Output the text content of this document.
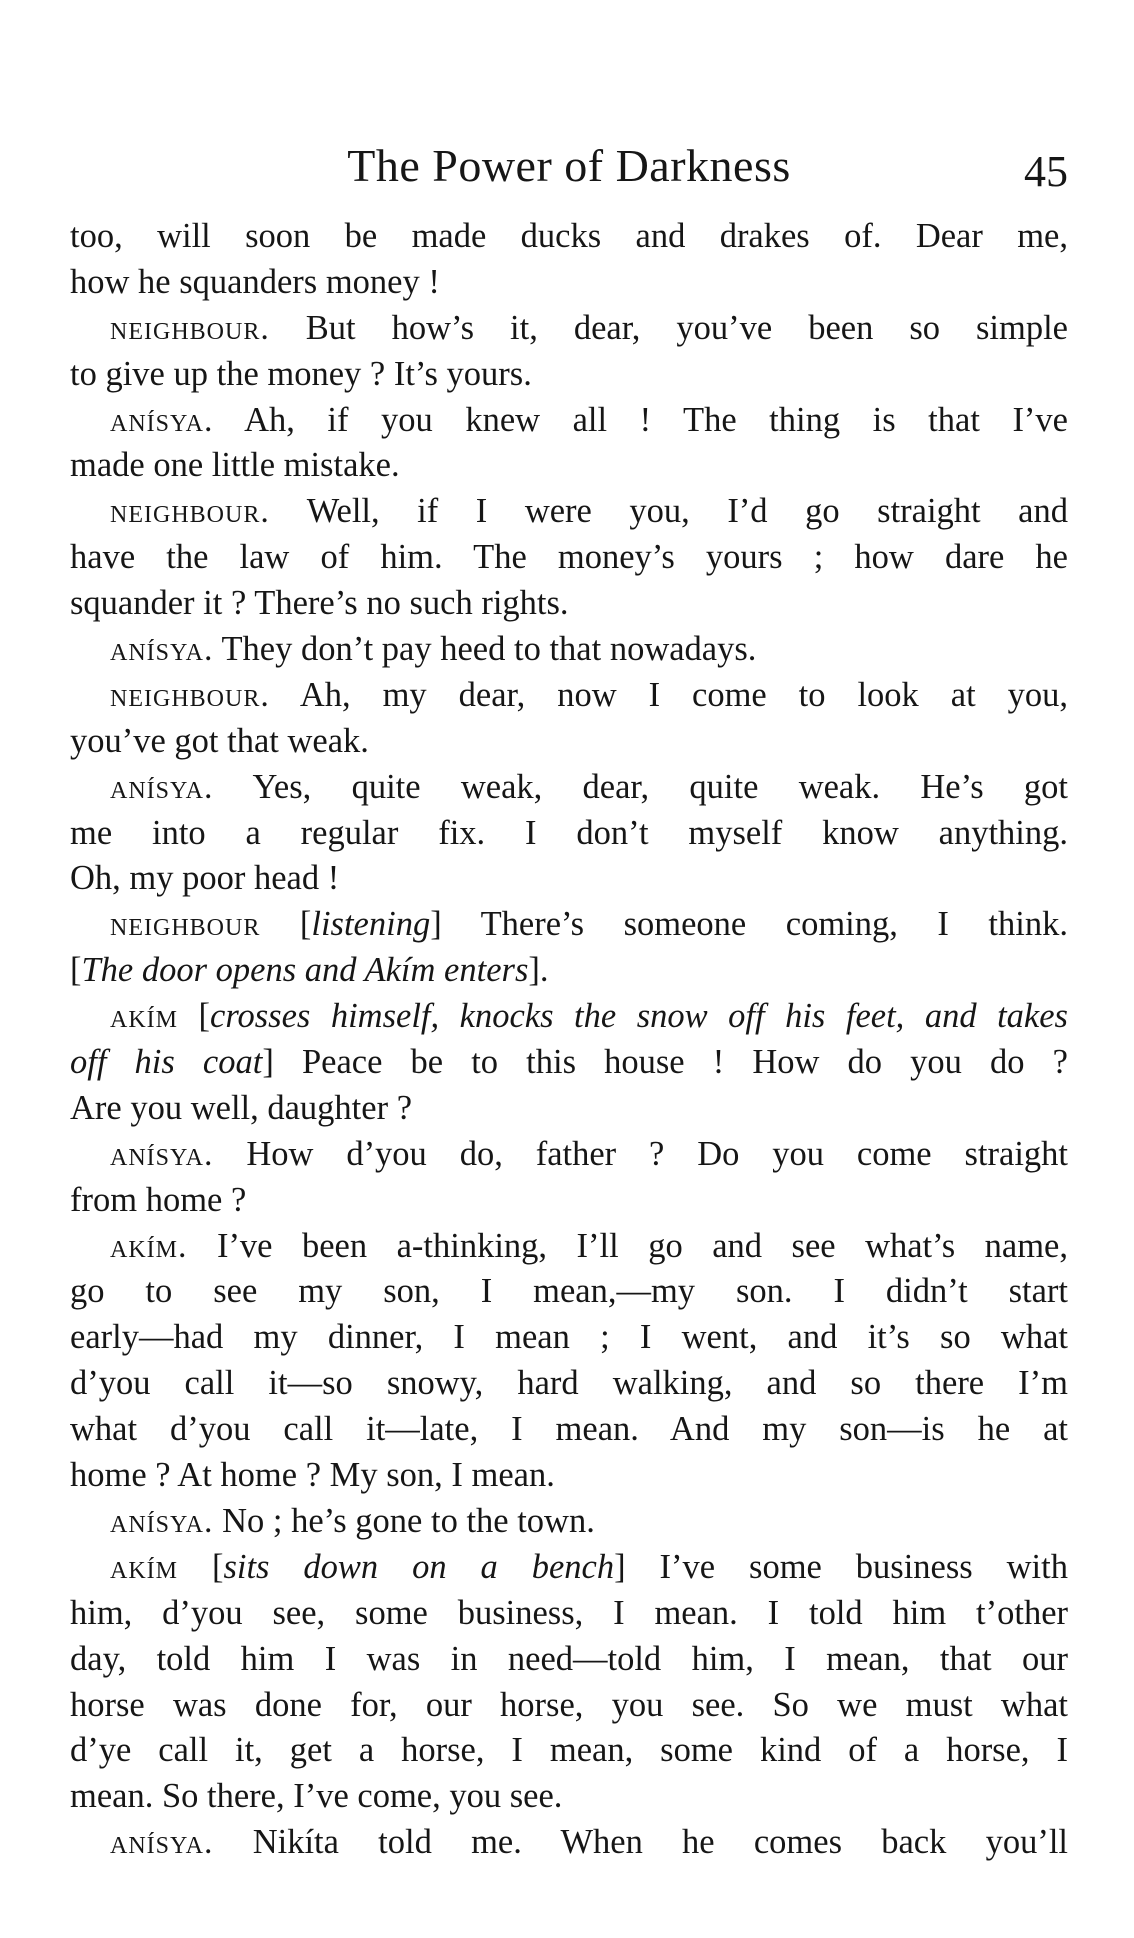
The Power of Darkness	45
too, will soon be made ducks and drakes of. Dear me,
how he squanders money !
neighbour. But how’s it, dear, you’ve been so simple
to give up the money ? It’s yours.
anísya. Ah, if you knew all ! The thing is that I’ve
made one little mistake.
neighbour. Well, if I were you, I’d go straight and
have the law of him. The money’s yours ; how dare he
squander it ? There’s no such rights.
anísya. They don’t pay heed to that nowadays.
neighbour. Ah, my dear, now I come to look at you,
you’ve got that weak.
anísya. Yes, quite weak, dear, quite weak. He’s got
me into a regular fix. I don’t myself know anything.
Oh, my poor head !
neighbour [listening] There’s someone coming, I think.
[The door opens and Akím enters].
akím [crosses himself, knocks the snow off his feet, and takes
off his coat] Peace be to this house ! How do you do ?
Are you well, daughter ?
anísya. How d’you do, father ? Do you come straight
from home ?
akím. I’ve been a-thinking, I’ll go and see what’s name,
go to see my son, I mean,—my son. I didn’t start
early—had my dinner, I mean ; I went, and it’s so what
d’you call it—so snowy, hard walking, and so there I’m
what d’you call it—late, I mean. And my son—is he at
home ? At home ? My son, I mean.
anísya. No ; he’s gone to the town.
akím [sits down on a bench] I’ve some business with
him, d’you see, some business, I mean. I told him t’other
day, told him I was in need—told him, I mean, that our
horse was done for, our horse, you see. So we must what
d’ye call it, get a horse, I mean, some kind of a horse, I
mean. So there, I’ve come, you see.
anísya. Nikíta told me. When he comes back you’ll
